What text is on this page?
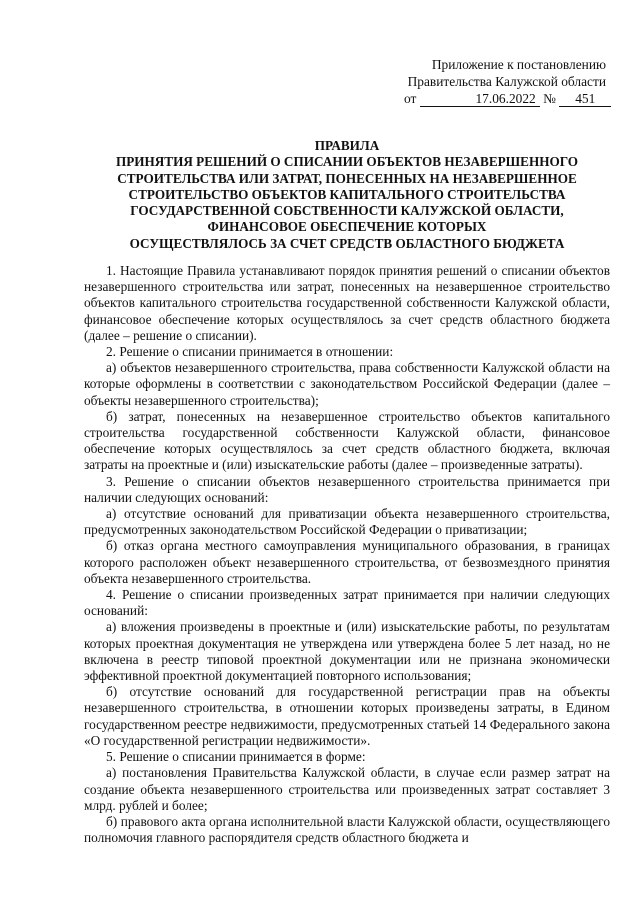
Приложение к постановлению
Правительства Калужской области
от	17.06.2022 № 451
ПРАВИЛА
ПРИНЯТИЯ РЕШЕНИЙ О СПИСАНИИ ОБЪЕКТОВ НЕЗАВЕРШЕННОГО
СТРОИТЕЛЬСТВА ИЛИ ЗАТРАТ, ПОНЕСЕННЫХ НА НЕЗАВЕРШЕННОЕ
СТРОИТЕЛЬСТВО ОБЪЕКТОВ КАПИТАЛЬНОГО СТРОИТЕЛЬСТВА
ГОСУДАРСТВЕННОЙ СОБСТВЕННОСТИ КАЛУЖСКОЙ ОБЛАСТИ,
ФИНАНСОВОЕ ОБЕСПЕЧЕНИЕ КОТОРЫХ
ОСУЩЕСТВЛЯЛОСЬ ЗА СЧЕТ СРЕДСТВ ОБЛАСТНОГО БЮДЖЕТА

1. Настоящие Правила устанавливают порядок принятия решений о списании объектов незавершенного строительства или затрат, понесенных на незавершенное строительство объектов капитального строительства государственной собственности Калужской области, финансовое обеспечение которых осуществлялось за счет средств областного бюджета (далее – решение о списании).

2. Решение о списании принимается в отношении:

а) объектов незавершенного строительства, права собственности Калужской области на которые оформлены в соответствии с законодательством Российской Федерации (далее – объекты незавершенного строительства);

б) затрат, понесенных на незавершенное строительство объектов капитального строительства государственной собственности Калужской области, финансовое обеспечение которых осуществлялось за счет средств областного бюджета, включая затраты на проектные и (или) изыскательские работы (далее – произведенные затраты).

3. Решение о списании объектов незавершенного строительства принимается при наличии следующих оснований:

а) отсутствие оснований для приватизации объекта незавершенного строительства, предусмотренных законодательством Российской Федерации о приватизации;

б) отказ органа местного самоуправления муниципального образования, в границах которого расположен объект незавершенного строительства, от безвозмездного принятия объекта незавершенного строительства.

4. Решение о списании произведенных затрат принимается при наличии следующих оснований:

а) вложения произведены в проектные и (или) изыскательские работы, по результатам которых проектная документация не утверждена или утверждена более 5 лет назад, но не включена в реестр типовой проектной документации или не признана экономически эффективной проектной документацией повторного использования;

б) отсутствие оснований для государственной регистрации прав на объекты незавершенного строительства, в отношении которых произведены затраты, в Едином государственном реестре недвижимости, предусмотренных статьей 14 Федерального закона «О государственной регистрации недвижимости».

5. Решение о списании принимается в форме:

а) постановления Правительства Калужской области, в случае если размер затрат на создание объекта незавершенного строительства или произведенных затрат составляет 3 млрд. рублей и более;

б) правового акта органа исполнительной власти Калужской области, осуществляющего полномочия главного распорядителя средств областного бюджета и
